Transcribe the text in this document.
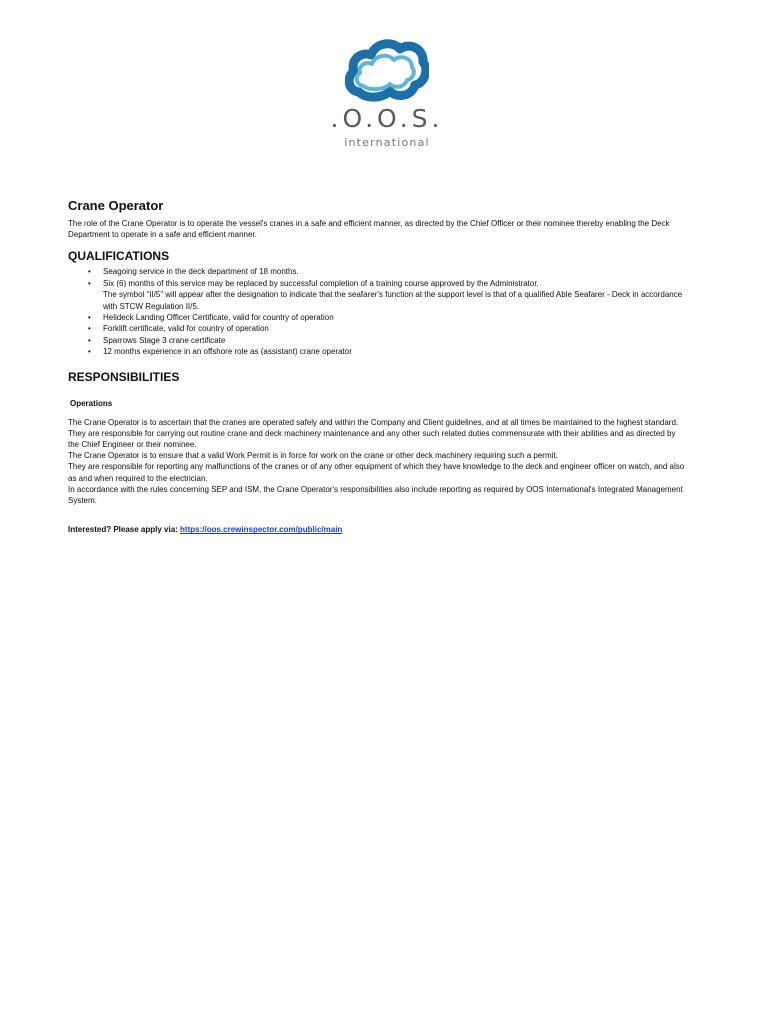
.O.O.S.
international
Crane Operator

The role of the Crane Operator is to operate the vessel's cranes in a safe and efficient manner, as directed by the Chief Officer or their nominee thereby enabling the Deck Department to operate in a safe and efficient manner.

QUALIFICATIONS
• Seagoing service in the deck department of 18 months.
• Six (6) months of this service may be replaced by successful completion of a training course approved by the Administrator.
The symbol “II/5” will appear after the designation to indicate that the seafarer's function at the support level is that of a qualified Able Seafarer - Deck in accordance with STCW Regulation II/5.
• Helideck Landing Officer Certificate, valid for country of operation
• Forklift certificate, valid for country of operation
• Sparrows Stage 3 crane certificate
• 12 months experience in an offshore role as (assistant) crane operator
RESPONSIBILITIES
Operations

The Crane Operator is to ascertain that the cranes are operated safely and within the Company and Client guidelines, and at all times be maintained to the highest standard.

They are responsible for carrying out routine crane and deck machinery maintenance and any other such related duties commensurate with their abilities and as directed by the Chief Engineer or their nominee.

The Crane Operator is to ensure that a valid Work Permit is in force for work on the crane or other deck machinery requiring such a permit.

They are responsible for reporting any malfunctions of the cranes or of any other equipment of which they have knowledge to the deck and engineer officer on watch, and also as and when required to the electrician.

In accordance with the rules concerning SEP and ISM, the Crane Operator's responsibilities also include reporting as required by OOS International's Integrated Management System.

Interested? Please apply via: https://oos.crewinspector.com/public/main
